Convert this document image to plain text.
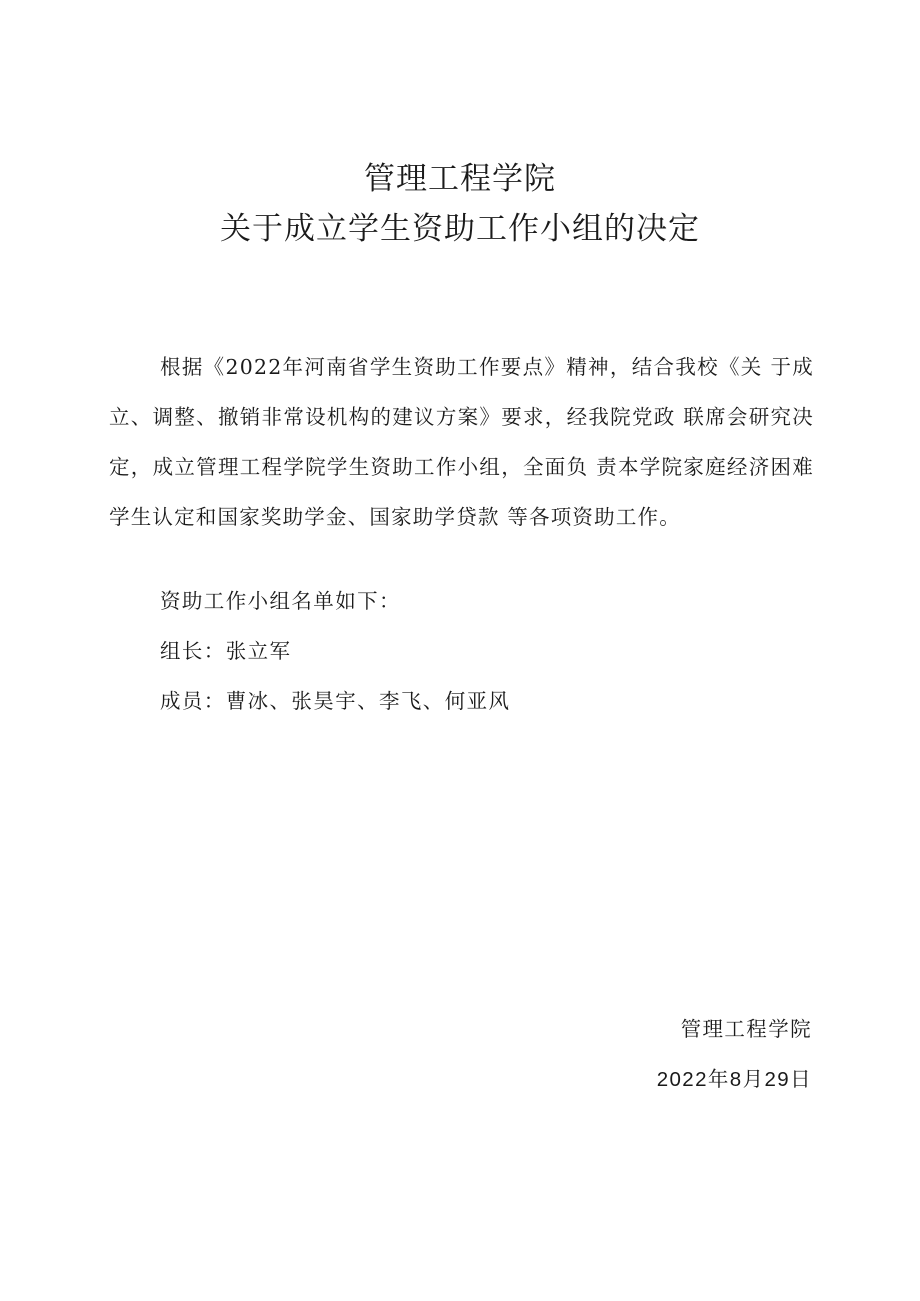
管理工程学院
关于成立学生资助工作小组的决定
根据《2022年河南省学生资助工作要点》精神，结合我校《关 于成立、调整、撤销非常设机构的建议方案》要求，经我院党政 联席会研究决定，成立管理工程学院学生资助工作小组，全面负 责本学院家庭经济困难学生认定和国家奖助学金、国家助学贷款 等各项资助工作。
资助工作小组名单如下：
组长：张立军
成员：曹冰、张昊宇、李飞、何亚风
管理工程学院
2022年8月29日
